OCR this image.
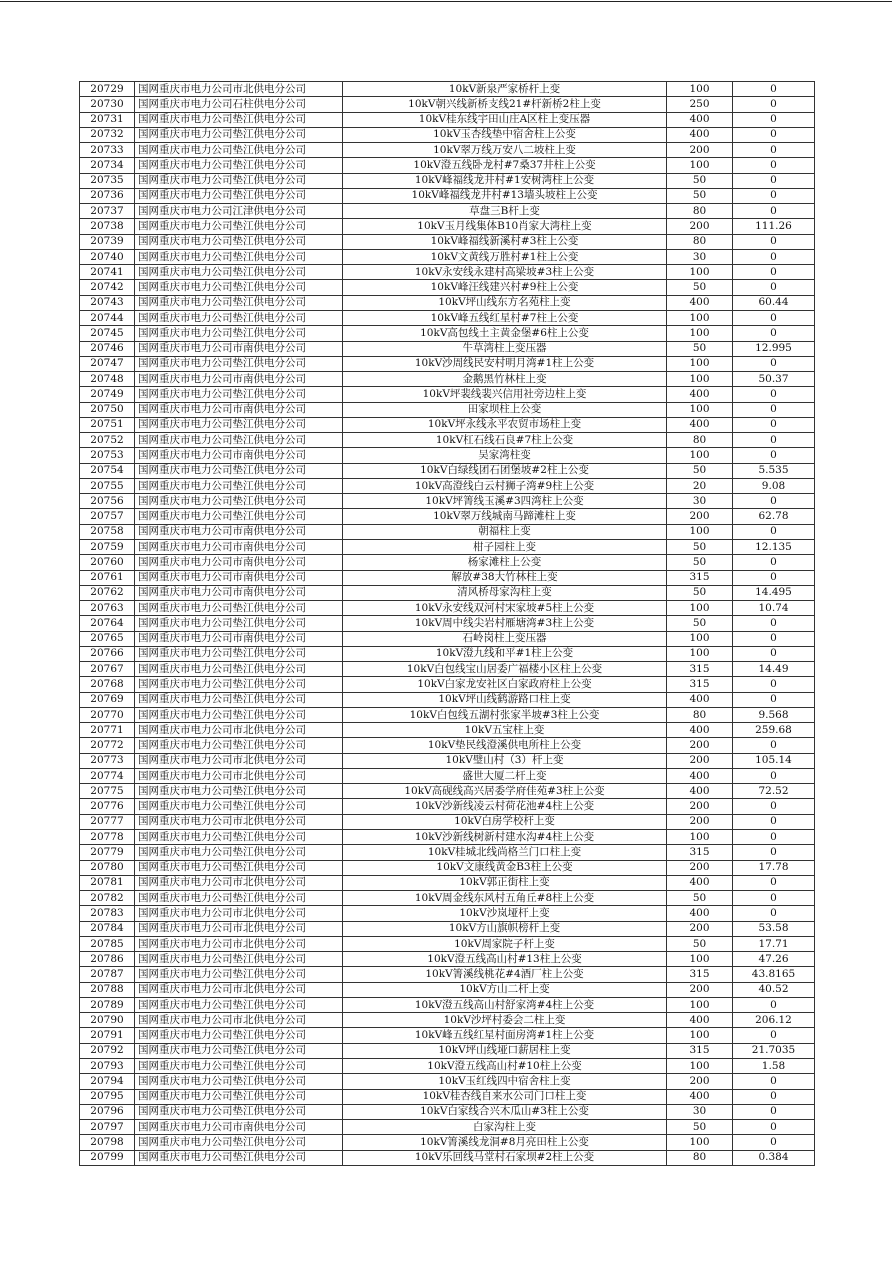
20729	国网重庆市电力公司市北供电分公司	10kV新泉严家桥杆上变	100	0
20730	国网重庆市电力公司石柱供电分公司	10kV朝兴线新桥支线21#杆新桥2柱上变	250	0
20731	国网重庆市电力公司垫江供电分公司	10kV桂东线宇田山庄A区柱上变压器	400	0
20732	国网重庆市电力公司垫江供电分公司	10kV玉杏线垫中宿舍柱上公变	400	0
20733	国网重庆市电力公司垫江供电分公司	10kV翠万线万安八二坡柱上变	200	0
20734	国网重庆市电力公司垫江供电分公司	10kV澄五线卧龙村#7桑37井柱上公变	100	0
20735	国网重庆市电力公司垫江供电分公司	10kV峰福线龙井村#1安树湾柱上公变	50	0
20736	国网重庆市电力公司垫江供电分公司	10kV峰福线龙井村#13墙头坡柱上公变	50	0
20737	国网重庆市电力公司江津供电分公司	草盘三B杆上变	80	0
20738	国网重庆市电力公司垫江供电分公司	10kV玉月线集体B10肖家大湾柱上变	200	111.26
20739	国网重庆市电力公司垫江供电分公司	10kV峰福线新溪村#3柱上公变	80	0
20740	国网重庆市电力公司垫江供电分公司	10kV文黄线万胜村#1柱上公变	30	0
20741	国网重庆市电力公司垫江供电分公司	10kV永安线永建村高梁坡#3柱上公变	100	0
20742	国网重庆市电力公司垫江供电分公司	10kV峰汪线建兴村#9柱上公变	50	0
20743	国网重庆市电力公司垫江供电分公司	10kV坪山线东方名苑柱上变	400	60.44
20744	国网重庆市电力公司垫江供电分公司	10kV峰五线红星村#7柱上公变	100	0
20745	国网重庆市电力公司垫江供电分公司	10kV高包线土主黄金堡#6柱上公变	100	0
20746	国网重庆市电力公司市南供电分公司	牛草湾柱上变压器	50	12.995
20747	国网重庆市电力公司垫江供电分公司	10kV沙周线民安村明月湾#1柱上公变	100	0
20748	国网重庆市电力公司市南供电分公司	金鹅黑竹林柱上变	100	50.37
20749	国网重庆市电力公司垫江供电分公司	10kV坪裴线裴兴信用社旁边柱上变	400	0
20750	国网重庆市电力公司市南供电分公司	田家坝柱上公变	100	0
20751	国网重庆市电力公司垫江供电分公司	10kV坪永线永平农贸市场柱上变	400	0
20752	国网重庆市电力公司垫江供电分公司	10kV杠石线石良#7柱上公变	80	0
20753	国网重庆市电力公司市南供电分公司	吴家湾柱变	100	0
20754	国网重庆市电力公司垫江供电分公司	10kV白绿线团石团堡坡#2柱上公变	50	5.535
20755	国网重庆市电力公司垫江供电分公司	10kV高澄线白云村狮子湾#9柱上公变	20	9.08
20756	国网重庆市电力公司垫江供电分公司	10kV坪箐线玉溪#3四湾柱上公变	30	0
20757	国网重庆市电力公司垫江供电分公司	10kV翠万线城南马蹄滩柱上变	200	62.78
20758	国网重庆市电力公司市南供电分公司	朝福柱上变	100	0
20759	国网重庆市电力公司市南供电分公司	柑子园柱上变	50	12.135
20760	国网重庆市电力公司市南供电分公司	杨家滩柱上公变	50	0
20761	国网重庆市电力公司市南供电分公司	解放#38大竹林柱上变	315	0
20762	国网重庆市电力公司市南供电分公司	清风桥母家沟柱上变	50	14.495
20763	国网重庆市电力公司垫江供电分公司	10kV永安线双河村宋家坡#5柱上公变	100	10.74
20764	国网重庆市电力公司垫江供电分公司	10kV周中线尖岩村雁塘湾#3柱上公变	50	0
20765	国网重庆市电力公司市南供电分公司	石岭岗柱上变压器	100	0
20766	国网重庆市电力公司垫江供电分公司	10kV澄九线和平#1柱上公变	100	0
20767	国网重庆市电力公司垫江供电分公司	10kV白包线宝山居委广福楼小区柱上公变	315	14.49
20768	国网重庆市电力公司垫江供电分公司	10kV白家龙安社区白家政府柱上公变	315	0
20769	国网重庆市电力公司垫江供电分公司	10kV坪山线鹤游路口柱上变	400	0
20770	国网重庆市电力公司垫江供电分公司	10kV白包线五湖村张家半坡#3柱上公变	80	9.568
20771	国网重庆市电力公司市北供电分公司	10kV五宝柱上变	400	259.68
20772	国网重庆市电力公司垫江供电分公司	10kV垫民线澄溪供电所柱上公变	200	0
20773	国网重庆市电力公司市北供电分公司	10kV璧山村（3）杆上变	200	105.14
20774	国网重庆市电力公司市北供电分公司	盛世大厦二杆上变	400	0
20775	国网重庆市电力公司垫江供电分公司	10kV高砚线高兴居委学府佳苑#3柱上公变	400	72.52
20776	国网重庆市电力公司垫江供电分公司	10kV沙新线凌云村荷花池#4柱上公变	200	0
20777	国网重庆市电力公司市北供电分公司	10kV白房学校杆上变	200	0
20778	国网重庆市电力公司垫江供电分公司	10kV沙新线树新村建水沟#4柱上公变	100	0
20779	国网重庆市电力公司垫江供电分公司	10kV桂城北线尚格兰门口柱上变	315	0
20780	国网重庆市电力公司垫江供电分公司	10kV文康线黄金B3柱上公变	200	17.78
20781	国网重庆市电力公司市北供电分公司	10kV郭正街柱上变	400	0
20782	国网重庆市电力公司垫江供电分公司	10kV周金线东风村五角丘#8柱上公变	50	0
20783	国网重庆市电力公司市北供电分公司	10kV沙岚垭杆上变	400	0
20784	国网重庆市电力公司市北供电分公司	10kV方山旗帜榜杆上变	200	53.58
20785	国网重庆市电力公司市北供电分公司	10kV周家院子杆上变	50	17.71
20786	国网重庆市电力公司垫江供电分公司	10kV澄五线高山村#13柱上公变	100	47.26
20787	国网重庆市电力公司垫江供电分公司	10kV箐溪线桃花#4酒厂柱上公变	315	43.8165
20788	国网重庆市电力公司市北供电分公司	10kV方山二杆上变	200	40.52
20789	国网重庆市电力公司垫江供电分公司	10kV澄五线高山村舒家湾#4柱上公变	100	0
20790	国网重庆市电力公司市北供电分公司	10kV沙坪村委会二柱上变	400	206.12
20791	国网重庆市电力公司垫江供电分公司	10kV峰五线红星村面房湾#1柱上公变	100	0
20792	国网重庆市电力公司垫江供电分公司	10kV坪山线垭口薪居柱上变	315	21.7035
20793	国网重庆市电力公司垫江供电分公司	10kV澄五线高山村#10柱上公变	100	1.58
20794	国网重庆市电力公司垫江供电分公司	10kV玉红线四中宿舍柱上变	200	0
20795	国网重庆市电力公司垫江供电分公司	10kV桂杏线自来水公司门口柱上变	400	0
20796	国网重庆市电力公司垫江供电分公司	10kV白家线合兴木瓜山#3柱上公变	30	0
20797	国网重庆市电力公司市南供电分公司	白家沟柱上变	50	0
20798	国网重庆市电力公司垫江供电分公司	10kV箐溪线龙洞#8月亮田柱上公变	100	0
20799	国网重庆市电力公司垫江供电分公司	10kV乐回线马堂村石家坝#2柱上公变	80	0.384
